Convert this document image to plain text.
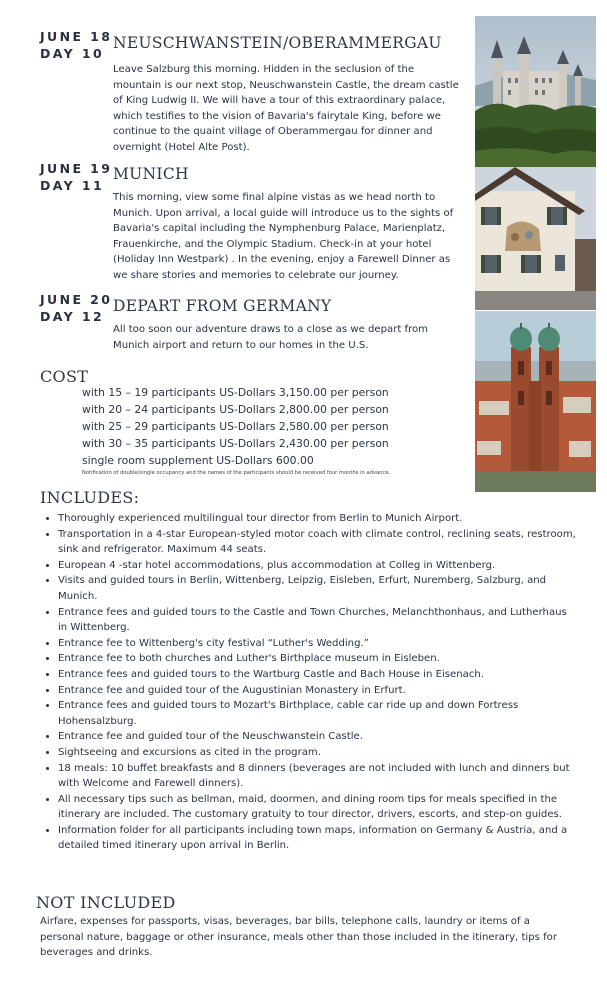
JUNE 18
DAY 10
NEUSCHWANSTEIN/OBERAMMERGAU
Leave Salzburg this morning. Hidden in the seclusion of the mountain is our next stop, Neuschwanstein Castle, the dream castle of King Ludwig II. We will have a tour of this extraordinary palace, which testifies to the vision of Bavaria's fairytale King, before we continue to the quaint village of Oberammergau for dinner and overnight (Hotel Alte Post).
JUNE 19
DAY 11
MUNICH
This morning, view some final alpine vistas as we head north to Munich. Upon arrival, a local guide will introduce us to the sights of Bavaria's capital including the Nymphenburg Palace, Marienplatz, Frauenkirche, and the Olympic Stadium. Check-in at your hotel (Holiday Inn Westpark) . In the evening, enjoy a Farewell Dinner as we share stories and memories to celebrate our journey.
JUNE 20
DAY 12
DEPART FROM GERMANY
All too soon our adventure draws to a close as we depart from Munich airport and return to our homes in the U.S.
COST
with 15 – 19 participants US-Dollars 3,150.00 per person
with 20 – 24 participants US-Dollars 2,800.00 per person
with 25 – 29 participants US-Dollars 2,580.00 per person
with 30 – 35 participants US-Dollars 2,430.00 per person
single room supplement US-Dollars 600.00
Notification of double/single occupancy and the names of the participants should be received four months in advance.
INCLUDES:
• Thoroughly experienced multilingual tour director from Berlin to Munich Airport.
• Transportation in a 4-star European-styled motor coach with climate control, reclining seats, restroom, sink and refrigerator. Maximum 44 seats.
• European 4 -star hotel accommodations, plus accommodation at Colleg in Wittenberg.
• Visits and guided tours in Berlin, Wittenberg, Leipzig, Eisleben, Erfurt, Nuremberg, Salzburg, and Munich.
• Entrance fees and guided tours to the Castle and Town Churches, Melanchthonhaus, and Lutherhaus in Wittenberg.
• Entrance fee to Wittenberg's city festival “Luther's Wedding.”
• Entrance fee to both churches and Luther's Birthplace museum in Eisleben.
• Entrance fees and guided tours to the Wartburg Castle and Bach House in Eisenach.
• Entrance fee and guided tour of the Augustinian Monastery in Erfurt.
• Entrance fees and guided tours to Mozart's Birthplace, cable car ride up and down Fortress Hohensalzburg.
• Entrance fee and guided tour of the Neuschwanstein Castle.
• Sightseeing and excursions as cited in the program.
• 18 meals: 10 buffet breakfasts and 8 dinners (beverages are not included with lunch and dinners but with Welcome and Farewell dinners).
• All necessary tips such as bellman, maid, doormen, and dining room tips for meals specified in the itinerary are included. The customary gratuity to tour director, drivers, escorts, and step-on guides.
• Information folder for all participants including town maps, information on Germany & Austria, and a detailed timed itinerary upon arrival in Berlin.
NOT INCLUDED
Airfare, expenses for passports, visas, beverages, bar bills, telephone calls, laundry or items of a personal nature, baggage or other insurance, meals other than those included in the itinerary, tips for beverages and drinks.
